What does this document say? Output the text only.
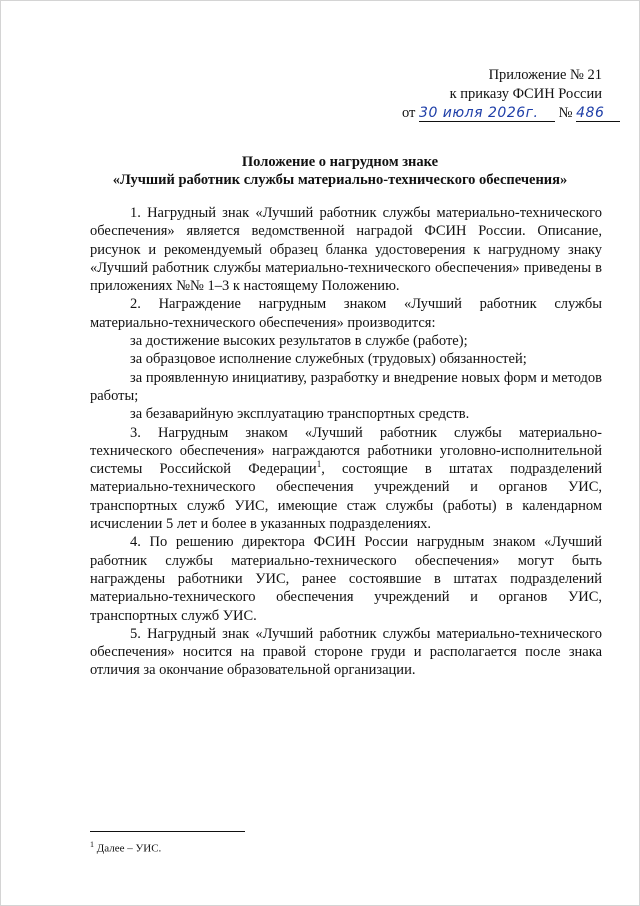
Приложение № 21
к приказу ФСИН России
от 30 июля 2026г. № 486
Положение о нагрудном знаке
«Лучший работник службы материально-технического обеспечения»

1. Нагрудный знак «Лучший работник службы материально-технического обеспечения» является ведомственной наградой ФСИН России. Описание, рисунок и рекомендуемый образец бланка удостоверения к нагрудному знаку «Лучший работник службы материально-технического обеспечения» приведены в приложениях №№ 1–3 к настоящему Положению.

2. Награждение нагрудным знаком «Лучший работник службы материально-технического обеспечения» производится:

за достижение высоких результатов в службе (работе);

за образцовое исполнение служебных (трудовых) обязанностей;

за проявленную инициативу, разработку и внедрение новых форм и методов работы;

за безаварийную эксплуатацию транспортных средств.

3. Нагрудным знаком «Лучший работник службы материально-технического обеспечения» награждаются работники уголовно-исполнительной системы Российской Федерации$^1$, состоящие в штатах подразделений материально-технического обеспечения учреждений и органов УИС, транспортных служб УИС, имеющие стаж службы (работы) в календарном исчислении 5 лет и более в указанных подразделениях.

4. По решению директора ФСИН России нагрудным знаком «Лучший работник службы материально-технического обеспечения» могут быть награждены работники УИС, ранее состоявшие в штатах подразделений материально-технического обеспечения учреждений и органов УИС, транспортных служб УИС.

5. Нагрудный знак «Лучший работник службы материально-технического обеспечения» носится на правой стороне груди и располагается после знака отличия за окончание образовательной организации.

$^1$ Далее – УИС.
